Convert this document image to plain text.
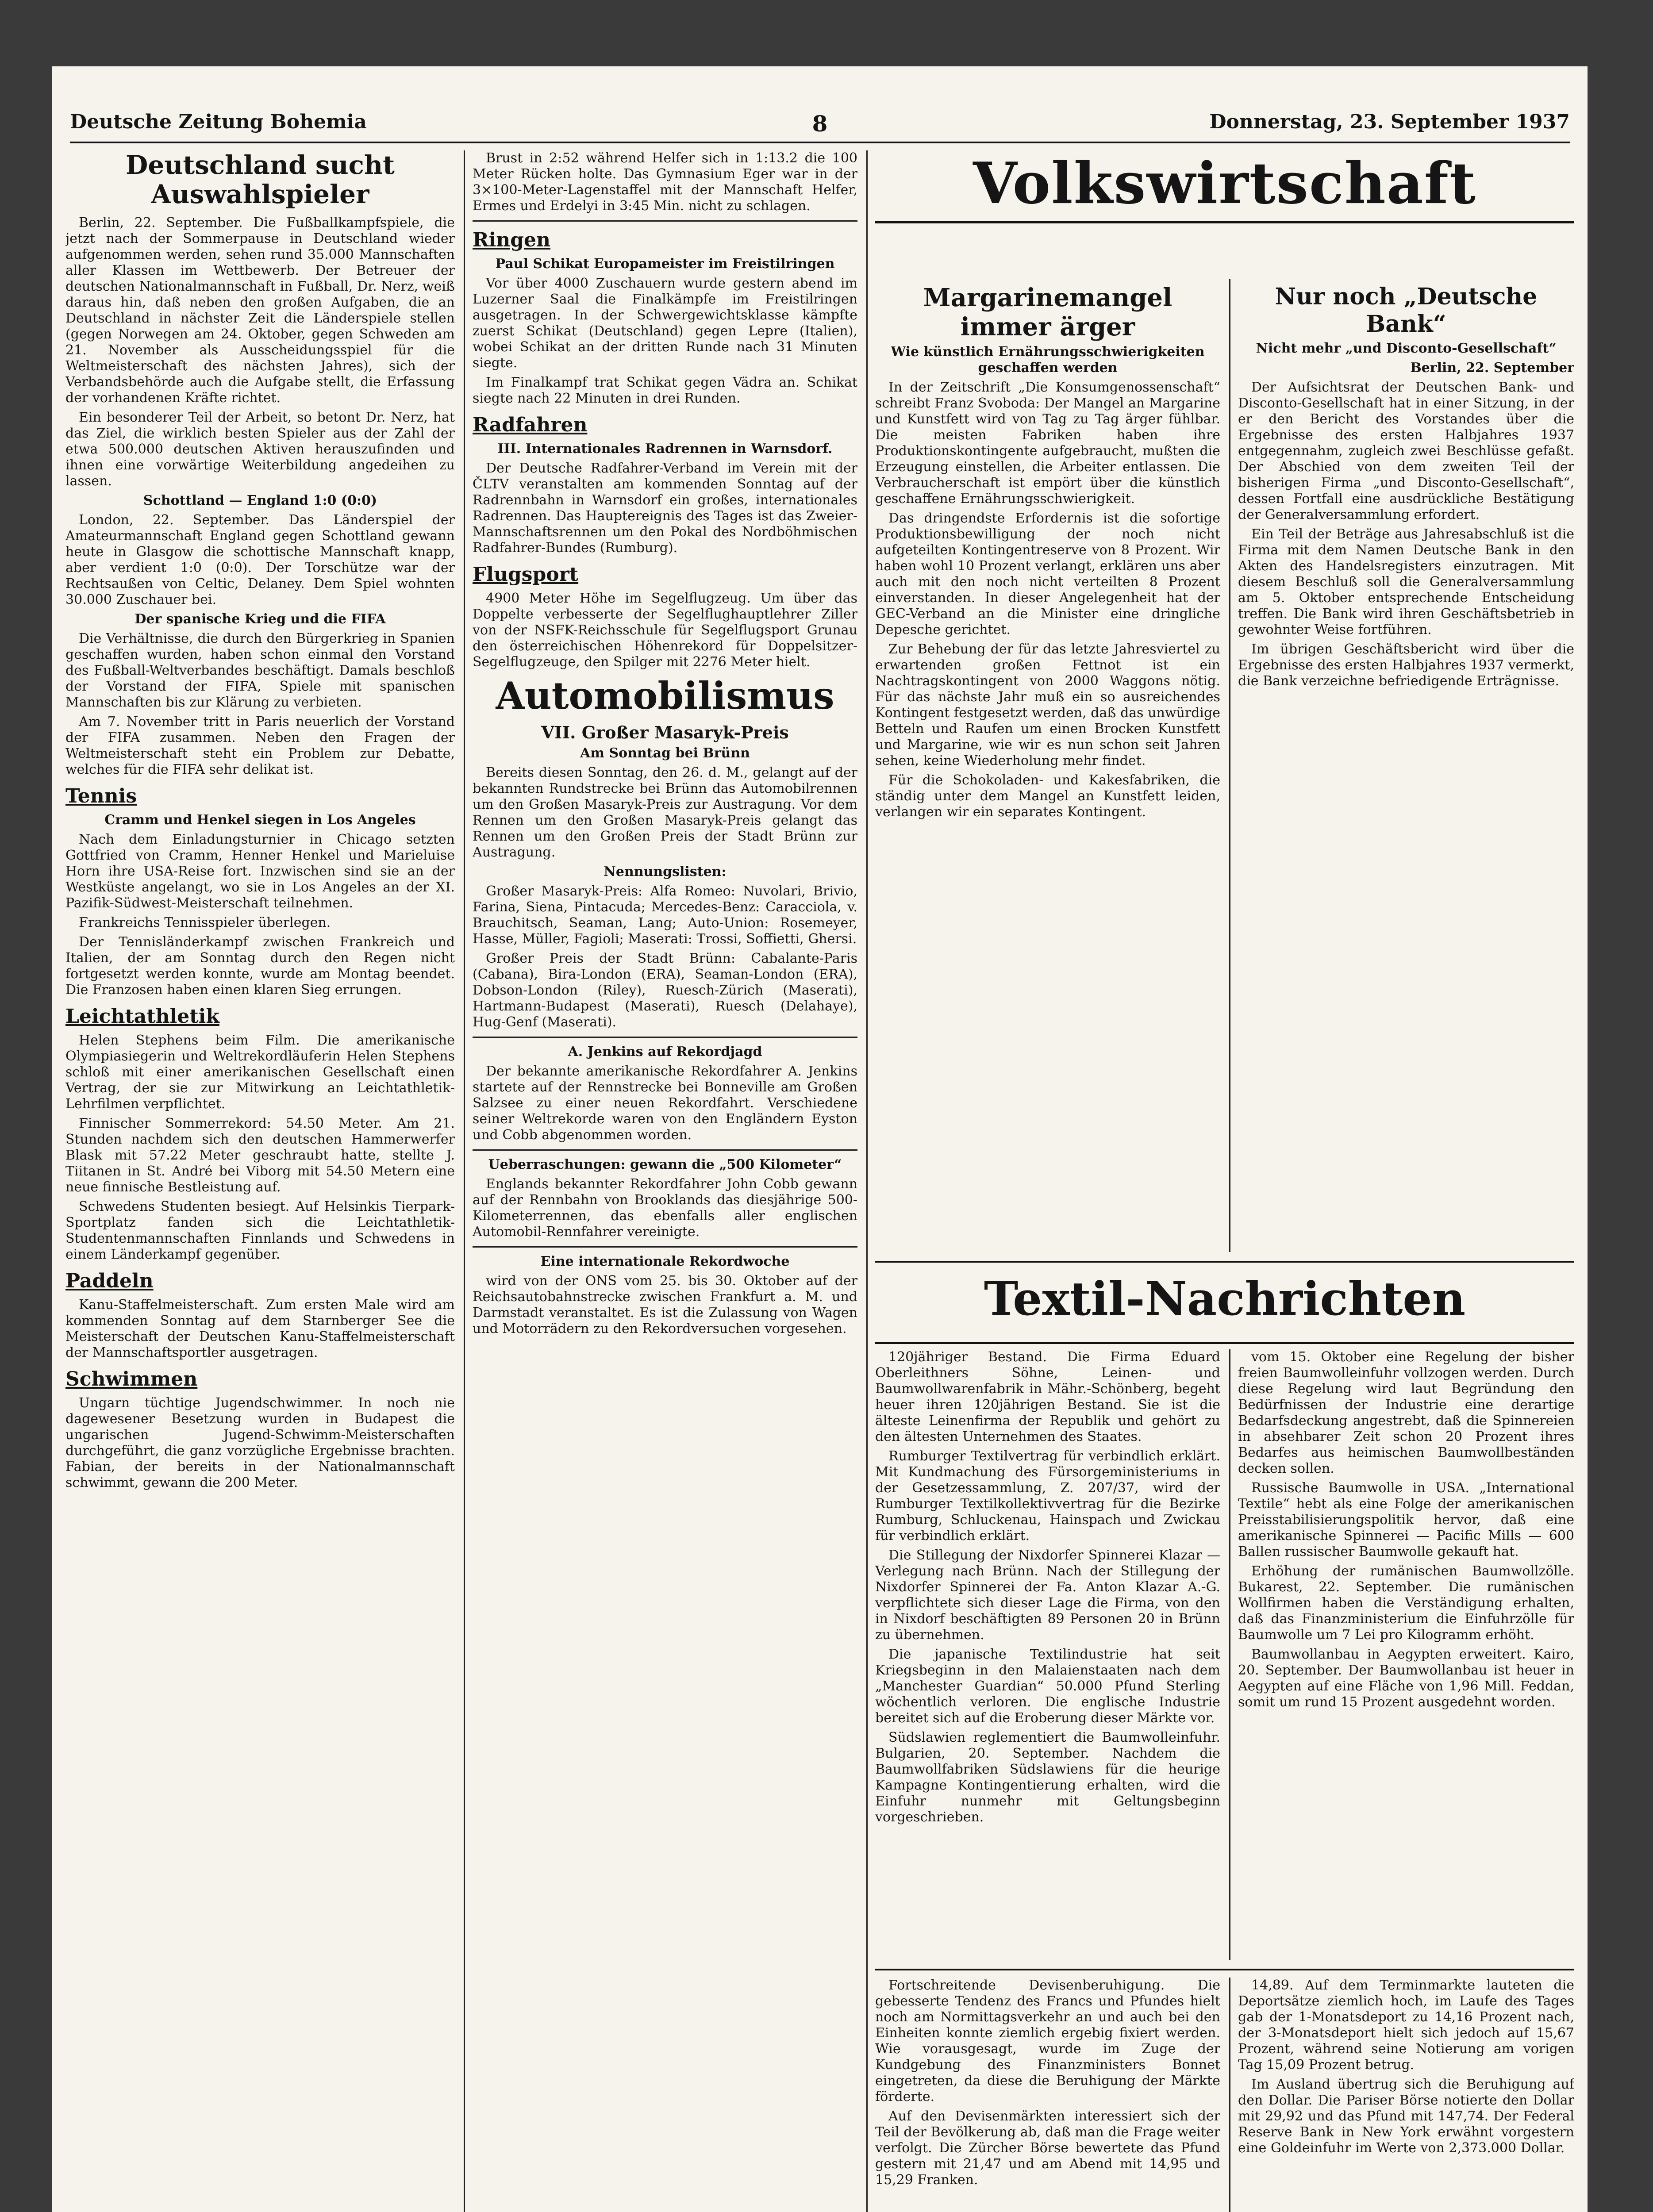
Deutsche Zeitung Bohemia	8	Donnerstag, 23. September 1937
Deutschland sucht Auswahlspieler

Berlin, 22. September. Die Fußballkampfspiele, die jetzt nach der Sommerpause in Deutschland wieder aufgenommen werden, sehen rund 35.000 Mannschaften aller Klassen im Wettbewerb. Der Betreuer der deutschen Nationalmannschaft in Fußball, Dr. Nerz, weiß daraus hin, daß neben den großen Aufgaben, die an Deutschland in nächster Zeit die Länderspiele stellen (gegen Norwegen am 24. Oktober, gegen Schweden am 21. November als Ausscheidungsspiel für die Weltmeisterschaft des nächsten Jahres), sich der Verbandsbehörde auch die Aufgabe stellt, die Erfassung der vorhandenen Kräfte richtet.

Ein besonderer Teil der Arbeit, so betont Dr. Nerz, hat das Ziel, die wirklich besten Spieler aus der Zahl der etwa 500.000 deutschen Aktiven herauszufinden und ihnen eine vorwärtige Weiterbildung angedeihen zu lassen.

Schottland — England 1:0 (0:0)

London, 22. September. Das Länderspiel der Amateurmannschaft England gegen Schottland gewann heute in Glasgow die schottische Mannschaft knapp, aber verdient 1:0 (0:0). Der Torschütze war der Rechtsaußen von Celtic, Delaney. Dem Spiel wohnten 30.000 Zuschauer bei.

Der spanische Krieg und die FIFA

Die Verhältnisse, die durch den Bürgerkrieg in Spanien geschaffen wurden, haben schon einmal den Vorstand des Fußball-Weltverbandes beschäftigt. Damals beschloß der Vorstand der FIFA, Spiele mit spanischen Mannschaften bis zur Klärung zu verbieten.

Am 7. November tritt in Paris neuerlich der Vorstand der FIFA zusammen. Neben den Fragen der Weltmeisterschaft steht ein Problem zur Debatte, welches für die FIFA sehr delikat ist.

Tennis
Cramm und Henkel siegen in Los Angeles

Nach dem Einladungsturnier in Chicago setzten Gottfried von Cramm, Henner Henkel und Marieluise Horn ihre USA-Reise fort. Inzwischen sind sie an der Westküste angelangt, wo sie in Los Angeles an der XI. Pazifik-Südwest-Meisterschaft teilnehmen.

Frankreichs Tennisspieler überlegen.

Der Tennisländerkampf zwischen Frankreich und Italien, der am Sonntag durch den Regen nicht fortgesetzt werden konnte, wurde am Montag beendet. Die Franzosen haben einen klaren Sieg errungen.

Leichtathletik

Helen Stephens beim Film. Die amerikanische Olympiasiegerin und Weltrekordläuferin Helen Stephens schloß mit einer amerikanischen Gesellschaft einen Vertrag, der sie zur Mitwirkung an Leichtathletik-Lehrfilmen verpflichtet.

Finnischer Sommerrekord: 54.50 Meter. Am 21. Stunden nachdem sich den deutschen Hammerwerfer Blask mit 57.22 Meter geschraubt hatte, stellte J. Tiitanen in St. André bei Viborg mit 54.50 Metern eine neue finnische Bestleistung auf.

Schwedens Studenten besiegt. Auf Helsinkis Tierpark-Sportplatz fanden sich die Leichtathletik-Studentenmannschaften Finnlands und Schwedens in einem Länderkampf gegenüber.

Paddeln

Kanu-Staffelmeisterschaft. Zum ersten Male wird am kommenden Sonntag auf dem Starnberger See die Meisterschaft der Deutschen Kanu-Staffelmeisterschaft der Mannschaftsportler ausgetragen.

Schwimmen

Ungarn tüchtige Jugendschwimmer. In noch nie dagewesener Besetzung wurden in Budapest die ungarischen Jugend-Schwimm-Meisterschaften durchgeführt, die ganz vorzügliche Ergebnisse brachten. Fabian, der bereits in der Nationalmannschaft schwimmt, gewann die 200 Meter.

Brust in 2:52 während Helfer sich in 1:13.2 die 100 Meter Rücken holte. Das Gymnasium Eger war in der 3×100-Meter-Lagenstaffel mit der Mannschaft Helfer, Ermes und Erdelyi in 3:45 Min. nicht zu schlagen.

Ringen
Paul Schikat Europameister im Freistilringen

Vor über 4000 Zuschauern wurde gestern abend im Luzerner Saal die Finalkämpfe im Freistilringen ausgetragen. In der Schwergewichtsklasse kämpfte zuerst Schikat (Deutschland) gegen Lepre (Italien), wobei Schikat an der dritten Runde nach 31 Minuten siegte.

Im Finalkampf trat Schikat gegen Vädra an. Schikat siegte nach 22 Minuten in drei Runden.

Radfahren
III. Internationales Radrennen in Warnsdorf.

Der Deutsche Radfahrer-Verband im Verein mit der ČLTV veranstalten am kommenden Sonntag auf der Radrennbahn in Warnsdorf ein großes, internationales Radrennen. Das Hauptereignis des Tages ist das Zweier-Mannschaftsrennen um den Pokal des Nordböhmischen Radfahrer-Bundes (Rumburg).

Flugsport

4900 Meter Höhe im Segelflugzeug. Um über das Doppelte verbesserte der Segelflughauptlehrer Ziller von der NSFK-Reichsschule für Segelflugsport Grunau den österreichischen Höhenrekord für Doppelsitzer-Segelflugzeuge, den Spilger mit 2276 Meter hielt.

Automobilismus
VII. Großer Masaryk-Preis
Am Sonntag bei Brünn

Bereits diesen Sonntag, den 26. d. M., gelangt auf der bekannten Rundstrecke bei Brünn das Automobilrennen um den Großen Masaryk-Preis zur Austragung. Vor dem Rennen um den Großen Masaryk-Preis gelangt das Rennen um den Großen Preis der Stadt Brünn zur Austragung.

Nennungslisten:

Großer Masaryk-Preis: Alfa Romeo: Nuvolari, Brivio, Farina, Siena, Pintacuda; Mercedes-Benz: Caracciola, v. Brauchitsch, Seaman, Lang; Auto-Union: Rosemeyer, Hasse, Müller, Fagioli; Maserati: Trossi, Soffietti, Ghersi.

Großer Preis der Stadt Brünn: Cabalante-Paris (Cabana), Bira-London (ERA), Seaman-London (ERA), Dobson-London (Riley), Ruesch-Zürich (Maserati), Hartmann-Budapest (Maserati), Ruesch (Delahaye), Hug-Genf (Maserati).

A. Jenkins auf Rekordjagd

Der bekannte amerikanische Rekordfahrer A. Jenkins startete auf der Rennstrecke bei Bonneville am Großen Salzsee zu einer neuen Rekordfahrt. Verschiedene seiner Weltrekorde waren von den Engländern Eyston und Cobb abgenommen worden.

Ueberraschungen: gewann die „500 Kilometer“

Englands bekannter Rekordfahrer John Cobb gewann auf der Rennbahn von Brooklands das diesjährige 500-Kilometerrennen, das ebenfalls aller englischen Automobil-Rennfahrer vereinigte.

Eine internationale Rekordwoche

wird von der ONS vom 25. bis 30. Oktober auf der Reichsautobahnstrecke zwischen Frankfurt a. M. und Darmstadt veranstaltet. Es ist die Zulassung von Wagen und Motorrädern zu den Rekordversuchen vorgesehen.

Volkswirtschaft
Margarinemangel immer ärger
Wie künstlich Ernährungsschwierigkeiten geschaffen werden

In der Zeitschrift „Die Konsumgenossenschaft“ schreibt Franz Svoboda: Der Mangel an Margarine und Kunstfett wird von Tag zu Tag ärger fühlbar. Die meisten Fabriken haben ihre Produktionskontingente aufgebraucht, mußten die Erzeugung einstellen, die Arbeiter entlassen. Die Verbraucherschaft ist empört über die künstlich geschaffene Ernährungsschwierigkeit.

Das dringendste Erfordernis ist die sofortige Produktionsbewilligung der noch nicht aufgeteilten Kontingentreserve von 8 Prozent. Wir haben wohl 10 Prozent verlangt, erklären uns aber auch mit den noch nicht verteilten 8 Prozent einverstanden. In dieser Angelegenheit hat der GEC-Verband an die Minister eine dringliche Depesche gerichtet.

Zur Behebung der für das letzte Jahresviertel zu erwartenden großen Fettnot ist ein Nachtragskontingent von 2000 Waggons nötig. Für das nächste Jahr muß ein so ausreichendes Kontingent festgesetzt werden, daß das unwürdige Betteln und Raufen um einen Brocken Kunstfett und Margarine, wie wir es nun schon seit Jahren sehen, keine Wiederholung mehr findet.

Für die Schokoladen- und Kakesfabriken, die ständig unter dem Mangel an Kunstfett leiden, verlangen wir ein separates Kontingent.

Nur noch „Deutsche Bank“
Nicht mehr „und Disconto-Gesellschaft“
Berlin, 22. September

Der Aufsichtsrat der Deutschen Bank- und Disconto-Gesellschaft hat in einer Sitzung, in der er den Bericht des Vorstandes über die Ergebnisse des ersten Halbjahres 1937 entgegennahm, zugleich zwei Beschlüsse gefaßt. Der Abschied von dem zweiten Teil der bisherigen Firma „und Disconto-Gesellschaft“, dessen Fortfall eine ausdrückliche Bestätigung der Generalversammlung erfordert.

Ein Teil der Beträge aus Jahresabschluß ist die Firma mit dem Namen Deutsche Bank in den Akten des Handelsregisters einzutragen. Mit diesem Beschluß soll die Generalversammlung am 5. Oktober entsprechende Entscheidung treffen. Die Bank wird ihren Geschäftsbetrieb in gewohnter Weise fortführen.

Im übrigen Geschäftsbericht wird über die Ergebnisse des ersten Halbjahres 1937 vermerkt, die Bank verzeichne befriedigende Erträgnisse.

Textil-Nachrichten

120jähriger Bestand. Die Firma Eduard Oberleithners Söhne, Leinen- und Baumwollwarenfabrik in Mähr.-Schönberg, begeht heuer ihren 120jährigen Bestand. Sie ist die älteste Leinenfirma der Republik und gehört zu den ältesten Unternehmen des Staates.

Rumburger Textilvertrag für verbindlich erklärt. Mit Kundmachung des Fürsorgeministeriums in der Gesetzessammlung, Z. 207/37, wird der Rumburger Textilkollektivvertrag für die Bezirke Rumburg, Schluckenau, Hainspach und Zwickau für verbindlich erklärt.

Die Stillegung der Nixdorfer Spinnerei Klazar — Verlegung nach Brünn. Nach der Stillegung der Nixdorfer Spinnerei der Fa. Anton Klazar A.-G. verpflichtete sich dieser Lage die Firma, von den in Nixdorf beschäftigten 89 Personen 20 in Brünn zu übernehmen.

Die japanische Textilindustrie hat seit Kriegsbeginn in den Malaienstaaten nach dem „Manchester Guardian“ 50.000 Pfund Sterling wöchentlich verloren. Die englische Industrie bereitet sich auf die Eroberung dieser Märkte vor.

Südslawien reglementiert die Baumwolleinfuhr. Bulgarien, 20. September. Nachdem die Baumwollfabriken Südslawiens für die heurige Kampagne Kontingentierung erhalten, wird die Einfuhr nunmehr mit Geltungsbeginn vorgeschrieben.

vom 15. Oktober eine Regelung der bisher freien Baumwolleinfuhr vollzogen werden. Durch diese Regelung wird laut Begründung den Bedürfnissen der Industrie eine derartige Bedarfsdeckung angestrebt, daß die Spinnereien in absehbarer Zeit schon 20 Prozent ihres Bedarfes aus heimischen Baumwollbeständen decken sollen.

Russische Baumwolle in USA. „International Textile“ hebt als eine Folge der amerikanischen Preisstabilisierungspolitik hervor, daß eine amerikanische Spinnerei — Pacific Mills — 600 Ballen russischer Baumwolle gekauft hat.

Erhöhung der rumänischen Baumwollzölle. Bukarest, 22. September. Die rumänischen Wollfirmen haben die Verständigung erhalten, daß das Finanzministerium die Einfuhrzölle für Baumwolle um 7 Lei pro Kilogramm erhöht.

Baumwollanbau in Aegypten erweitert. Kairo, 20. September. Der Baumwollanbau ist heuer in Aegypten auf eine Fläche von 1,96 Mill. Feddan, somit um rund 15 Prozent ausgedehnt worden.

Fortschreitende Devisenberuhigung. Die gebesserte Tendenz des Francs und Pfundes hielt noch am Normittagsverkehr an und auch bei den Einheiten konnte ziemlich ergebig fixiert werden. Wie vorausgesagt, wurde im Zuge der Kundgebung des Finanzministers Bonnet eingetreten, da diese die Beruhigung der Märkte förderte.

Auf den Devisenmärkten interessiert sich der Teil der Bevölkerung ab, daß man die Frage weiter verfolgt. Die Zürcher Börse bewertete das Pfund gestern mit 21,47 und am Abend mit 14,95 und 15,29 Franken.

14,89. Auf dem Terminmarkte lauteten die Deportsätze ziemlich hoch, im Laufe des Tages gab der 1-Monatsdeport zu 14,16 Prozent nach, der 3-Monatsdeport hielt sich jedoch auf 15,67 Prozent, während seine Notierung am vorigen Tag 15,09 Prozent betrug.

Im Ausland übertrug sich die Beruhigung auf den Dollar. Die Pariser Börse notierte den Dollar mit 29,92 und das Pfund mit 147,74. Der Federal Reserve Bank in New York erwähnt vorgestern eine Goldeinfuhr im Werte von 2,373.000 Dollar.
